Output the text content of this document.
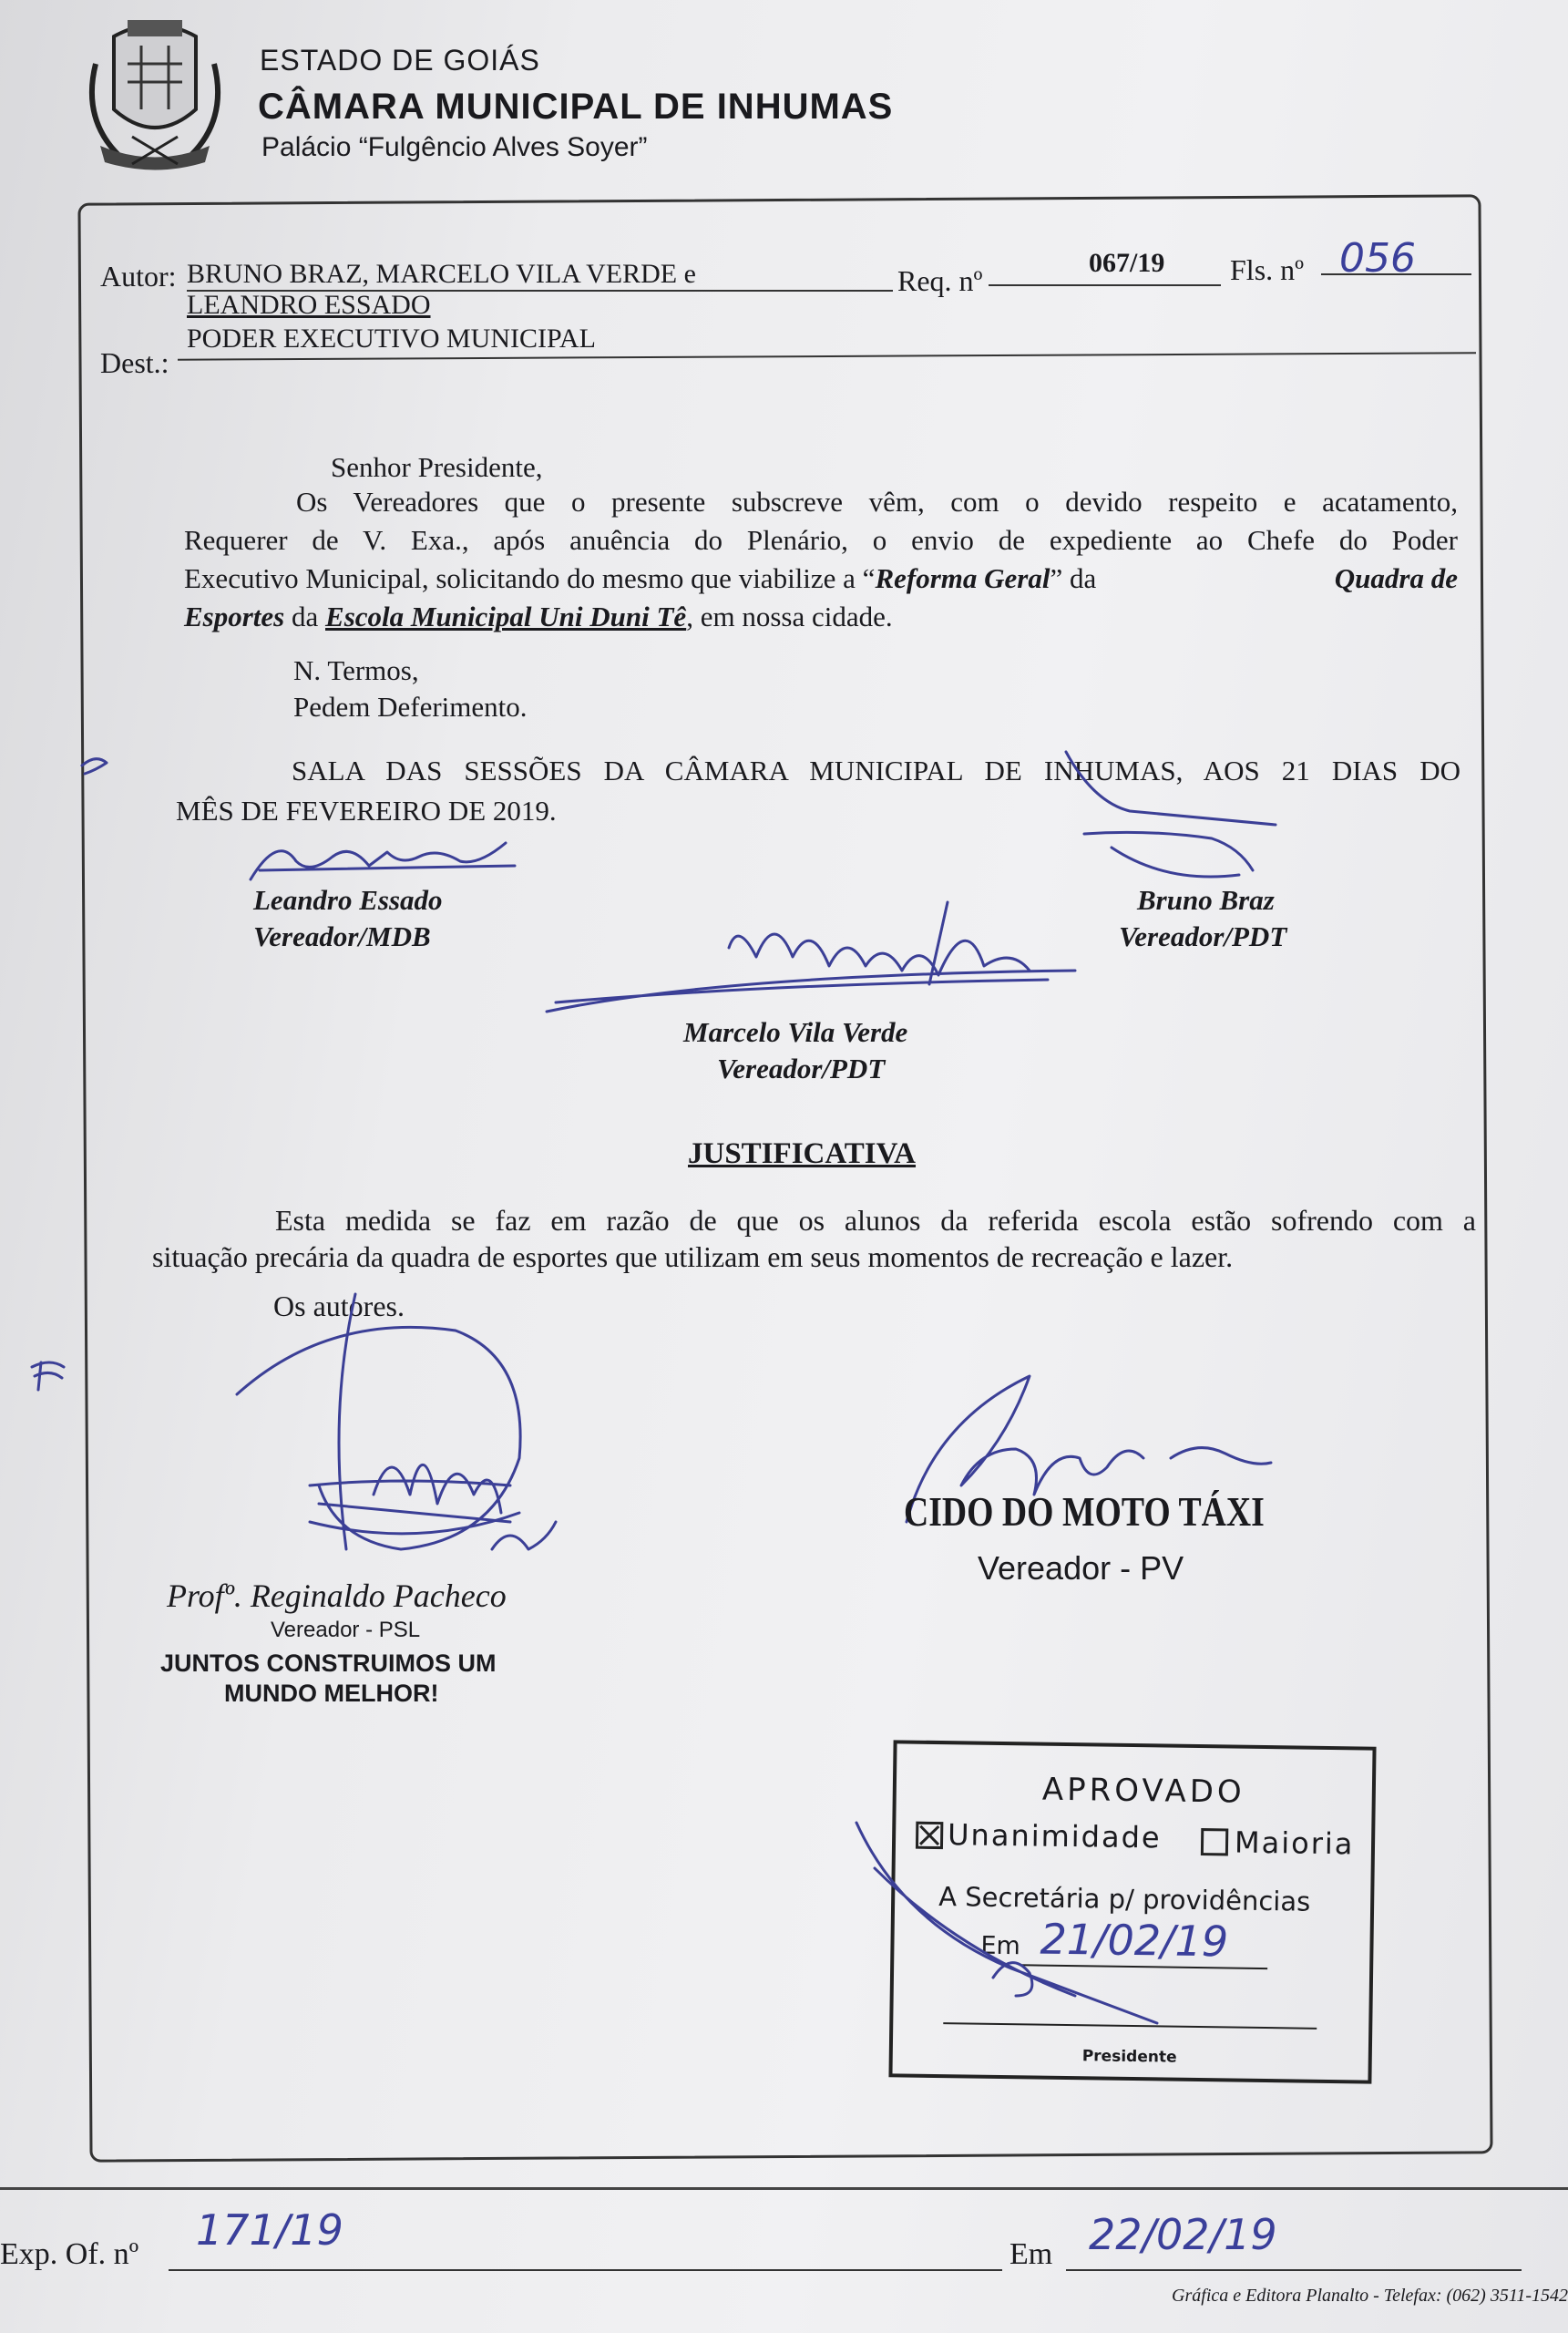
ESTADO DE GOIÁS
CÂMARA MUNICIPAL DE INHUMAS
Palácio “Fulgêncio Alves Soyer”
Autor: BRUNO BRAZ, MARCELO VILA VERDE e
LEANDRO ESSADO
Req. nº
067/19 Fls. nº 056
PODER EXECUTIVO MUNICIPAL
Dest.:
Senhor Presidente,
Os Vereadores que o presente subscreve vêm, com o devido respeito e acatamento,
Requerer de V. Exa., após anuência do Plenário, o envio de expediente ao Chefe do Poder
Executivo Municipal, solicitando do mesmo que viabilize a “Reforma Geral” da	Quadra de
Esportes da Escola Municipal Uni Duni Tê, em nossa cidade.
N. Termos,
Pedem Deferimento.
SALA DAS SESSÕES DA CÂMARA MUNICIPAL DE INHUMAS, AOS 21 DIAS DO
MÊS DE FEVEREIRO DE 2019.
Leandro Essado
Vereador/MDB
Bruno Braz
Vereador/PDT
Marcelo Vila Verde
Vereador/PDT
JUSTIFICATIVA
Esta medida se faz em razão de que os alunos da referida escola estão sofrendo com a
situação precária da quadra de esportes que utilizam em seus momentos de recreação e lazer.
Os autores.
Profº. Reginaldo Pacheco
Vereador - PSL
JUNTOS CONSTRUIMOS UM
MUNDO MELHOR!
CIDO DO MOTO TÁXI
Vereador - PV
APROVADO
Unanimidade Maioria
A Secretária p/ providências
Em 21/02/19
Presidente
Exp. Of. nº 171/19	Em 22/02/19
Gráfica e Editora Planalto - Telefax: (062) 3511-1542
